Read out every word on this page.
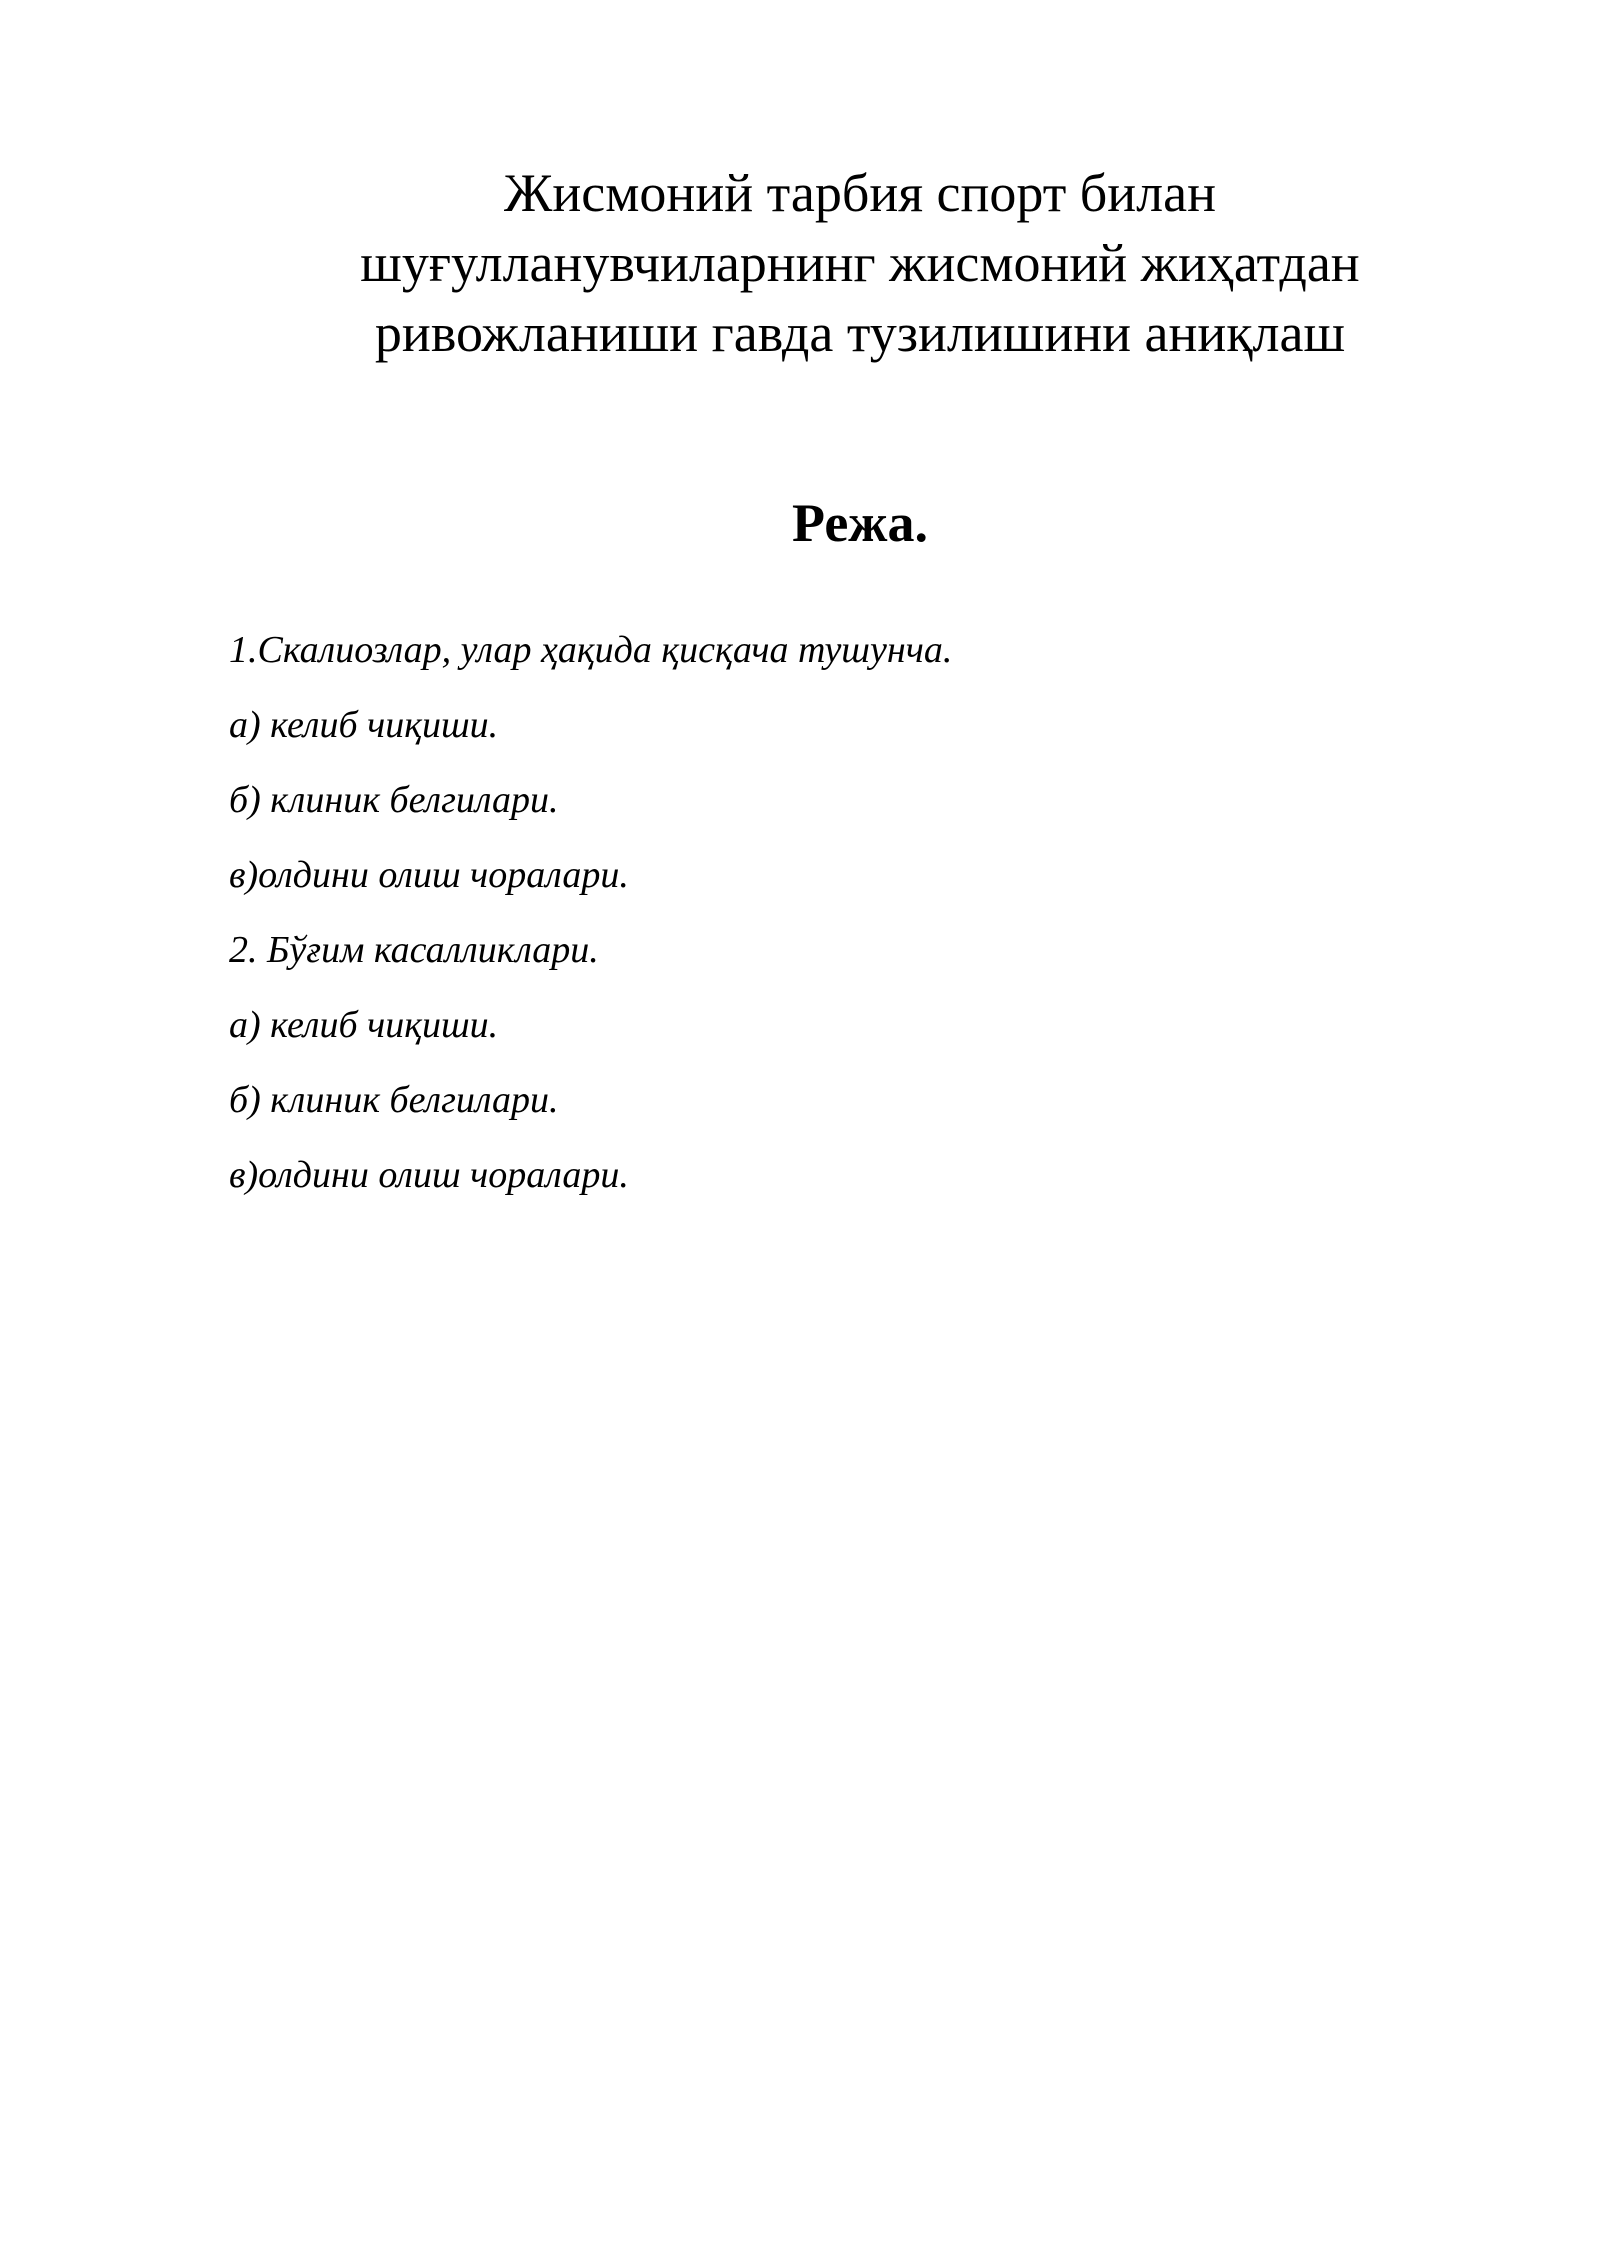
Жисмоний тарбия спорт билан
шуғулланувчиларнинг жисмоний жиҳатдан
ривожланиши гавда тузилишини аниқлаш
Режа.
1.Скалиозлар, улар ҳақида қисқача тушунча.
а) келиб чиқиши.
б) клиник белгилари.
в)олдини олиш чоралари.
2. Бўғим касалликлари.
а) келиб чиқиши.
б) клиник белгилари.
в)олдини олиш чоралари.
